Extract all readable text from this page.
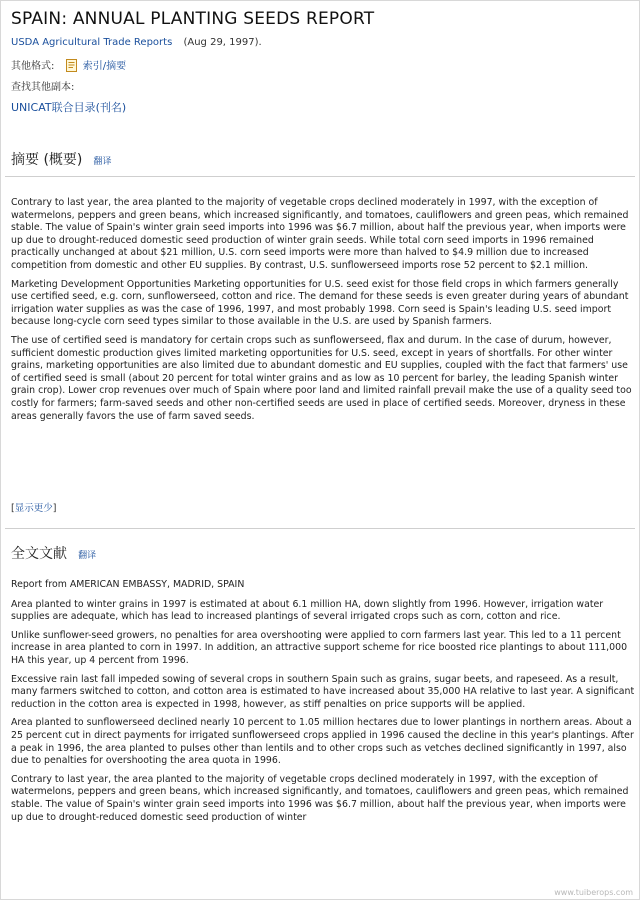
SPAIN: ANNUAL PLANTING SEEDS REPORT
USDA Agricultural Trade Reports (Aug 29, 1997).
其他格式:	索引/摘要
查找其他副本:
UNICAT联合目录(刊名)
摘要 (概要) 翻译

Contrary to last year, the area planted to the majority of vegetable crops declined moderately in 1997, with the exception of watermelons, peppers and green beans, which increased significantly, and tomatoes, cauliflowers and green peas, which remained stable. The value of Spain's winter grain seed imports into 1996 was $6.7 million, about half the previous year, when imports were up due to drought-reduced domestic seed production of winter grain seeds. While total corn seed imports in 1996 remained practically unchanged at about $21 million, U.S. corn seed imports were more than halved to $4.9 million due to increased competition from domestic and other EU supplies. By contrast, U.S. sunflowerseed imports rose 52 percent to $2.1 million.

Marketing Development Opportunities Marketing opportunities for U.S. seed exist for those field crops in which farmers generally use certified seed, e.g. corn, sunflowerseed, cotton and rice. The demand for these seeds is even greater during years of abundant irrigation water supplies as was the case of 1996, 1997, and most probably 1998. Corn seed is Spain's leading U.S. seed import because long-cycle corn seed types similar to those available in the U.S. are used by Spanish farmers.

The use of certified seed is mandatory for certain crops such as sunflowerseed, flax and durum. In the case of durum, however, sufficient domestic production gives limited marketing opportunities for U.S. seed, except in years of shortfalls. For other winter grains, marketing opportunities are also limited due to abundant domestic and EU supplies, coupled with the fact that farmers' use of certified seed is small (about 20 percent for total winter grains and as low as 10 percent for barley, the leading Spanish winter grain crop). Lower crop revenues over much of Spain where poor land and limited rainfall prevail make the use of a quality seed too costly for farmers; farm-saved seeds and other non-certified seeds are used in place of certified seeds. Moreover, dryness in these areas generally favors the use of farm saved seeds.

[显示更少]
全文文献 翻译

Report from AMERICAN EMBASSY, MADRID, SPAIN

Area planted to winter grains in 1997 is estimated at about 6.1 million HA, down slightly from 1996. However, irrigation water supplies are adequate, which has lead to increased plantings of several irrigated crops such as corn, cotton and rice.

Unlike sunflower-seed growers, no penalties for area overshooting were applied to corn farmers last year. This led to a 11 percent increase in area planted to corn in 1997. In addition, an attractive support scheme for rice boosted rice plantings to about 111,000 HA this year, up 4 percent from 1996.

Excessive rain last fall impeded sowing of several crops in southern Spain such as grains, sugar beets, and rapeseed. As a result, many farmers switched to cotton, and cotton area is estimated to have increased about 35,000 HA relative to last year. A significant reduction in the cotton area is expected in 1998, however, as stiff penalties on price supports will be applied.

Area planted to sunflowerseed declined nearly 10 percent to 1.05 million hectares due to lower plantings in northern areas. About a 25 percent cut in direct payments for irrigated sunflowerseed crops applied in 1996 caused the decline in this year's plantings. After a peak in 1996, the area planted to pulses other than lentils and to other crops such as vetches declined significantly in 1997, also due to penalties for overshooting the area quota in 1996.

Contrary to last year, the area planted to the majority of vegetable crops declined moderately in 1997, with the exception of watermelons, peppers and green beans, which increased significantly, and tomatoes, cauliflowers and green peas, which remained stable. The value of Spain's winter grain seed imports into 1996 was $6.7 million, about half the previous year, when imports were up due to drought-reduced domestic seed production of winter

www.tuiberops.com
